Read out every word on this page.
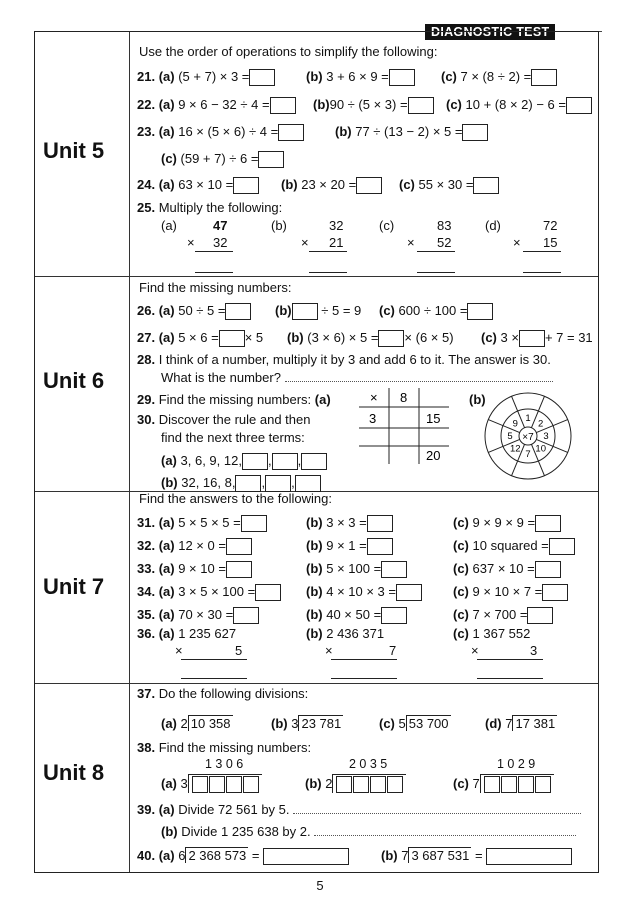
DIAGNOSTIC TEST
Unit 5
Use the order of operations to simplify the following:
21. (a) (5 + 7) × 3 =	(b) 3 + 6 × 9 =	(c) 7 × (8 ÷ 2) =
22. (a) 9 × 6 − 32 ÷ 4 =	(b)90 ÷ (5 × 3) =	(c) 10 + (8 × 2) − 6 =
23. (a) 16 × (5 × 6) ÷ 4 =	(b) 77 ÷ (13 − 2) × 5 =
(c) (59 + 7) ÷ 6 =
24. (a) 63 × 10 =	(b) 23 × 20 =	(c) 55 × 30 =
25. Multiply the following:
(a)	47
× 32
(b)	32
× 21
(c)	83
× 52
(d)	72
× 15
Unit 6
Find the missing numbers:
26. (a) 50 ÷ 5 =	(b) ÷ 5 = 9 (c) 600 ÷ 100 =
27. (a) 5 × 6 = × 5 (b) (3 × 6) × 5 = × (6 × 5) (c) 3 × + 7 = 31
28. I think of a number, multiply it by 3 and add 6 to it. The answer is 30.
What is the number?
29. Find the missing numbers: (a)	(b)
× 8
3	15
20
×7
1 2
3
10
7
12
5
9
30. Discover the rule and then
find the next three terms:
(a) 3, 6, 9, 12, , ,
(b) 32, 16, 8, , ,
Unit 7
Find the answers to the following:
36. (a) 1 235 627
×	5
(b) 2 436 371
×	7
(c) 1 367 552
×	3
Unit 8
37. Do the following divisions:
38. Find the missing numbers:
39. (a) Divide 72 561 by 5.
(b) Divide 1 235 638 by 2.
40. (a) 6 2 368 573 =	(b) 7 3 687 531 =
31. (a) 5 × 5 × 5 =	(b) 3 × 3 =	(c) 9 × 9 × 9 =
32. (a) 12 × 0 =	(b) 9 × 1 =	(c) 10 squared =
33. (a) 9 × 10 =	(b) 5 × 100 =	(c) 637 × 10 =
34. (a) 3 × 5 × 100 =	(b) 4 × 10 × 3 =	(c) 9 × 10 × 7 =
35. (a) 70 × 30 =	(b) 40 × 50 =	(c) 7 × 700 =
(a) 2 10 358	(b) 3 23 781	(c) 5 53 700	(d) 7 17 381
1 3 0 6
(a) 3
2 0 3 5
(b) 2
1 0 2 9
(c) 7
5
